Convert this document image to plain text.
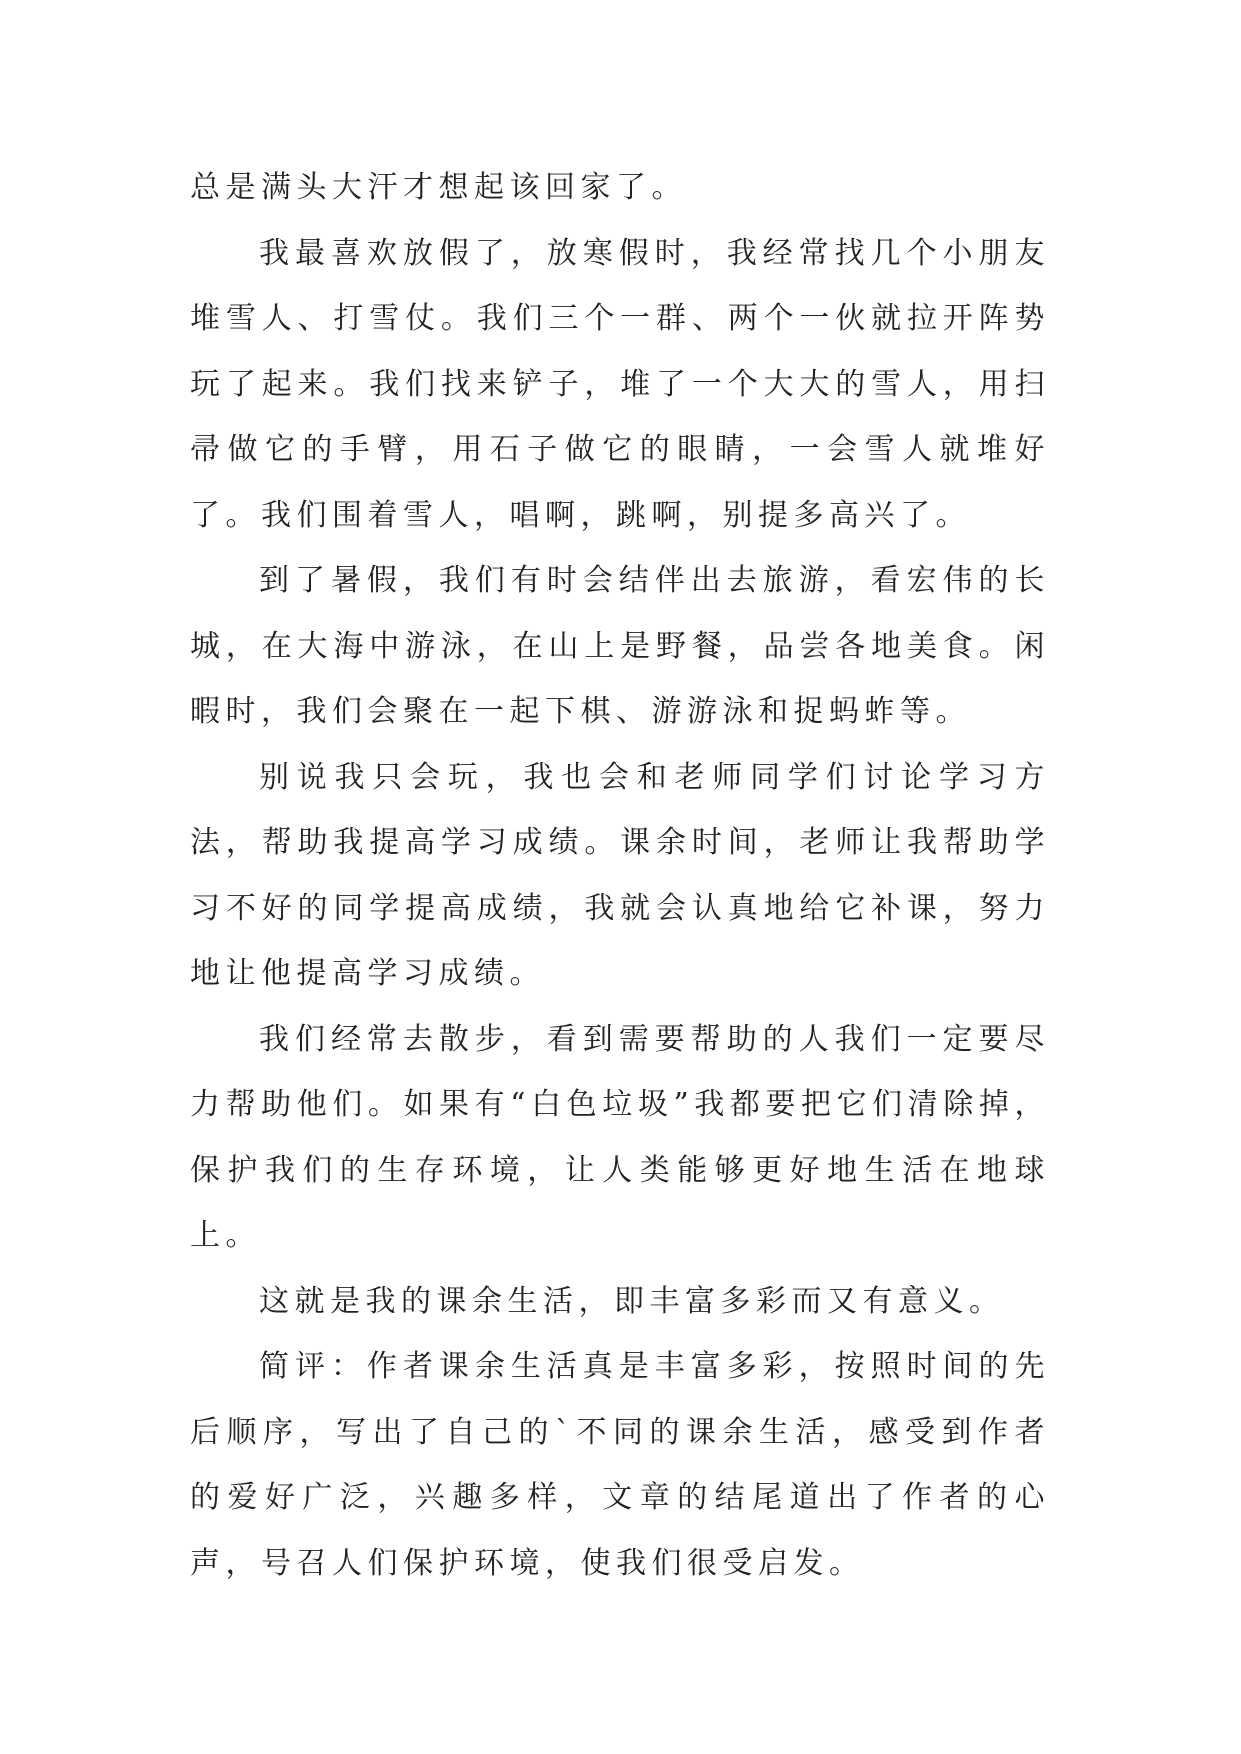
总是满头大汗才想起该回家了。

我最喜欢放假了，放寒假时，我经常找几个小朋友堆雪人、打雪仗。我们三个一群、两个一伙就拉开阵势玩了起来。我们找来铲子，堆了一个大大的雪人，用扫帚做它的手臂，用石子做它的眼睛，一会雪人就堆好了。我们围着雪人，唱啊，跳啊，别提多高兴了。

到了暑假，我们有时会结伴出去旅游，看宏伟的长城，在大海中游泳，在山上是野餐，品尝各地美食。闲暇时，我们会聚在一起下棋、游游泳和捉蚂蚱等。

别说我只会玩，我也会和老师同学们讨论学习方法，帮助我提高学习成绩。课余时间，老师让我帮助学习不好的同学提高成绩，我就会认真地给它补课，努力地让他提高学习成绩。

我们经常去散步，看到需要帮助的人我们一定要尽力帮助他们。如果有“白色垃圾”我都要把它们清除掉，保护我们的生存环境，让人类能够更好地生活在地球上。

这就是我的课余生活，即丰富多彩而又有意义。

简评：作者课余生活真是丰富多彩，按照时间的先后顺序，写出了自己的`不同的课余生活，感受到作者的爱好广泛，兴趣多样，文章的结尾道出了作者的心声，号召人们保护环境，使我们很受启发。
